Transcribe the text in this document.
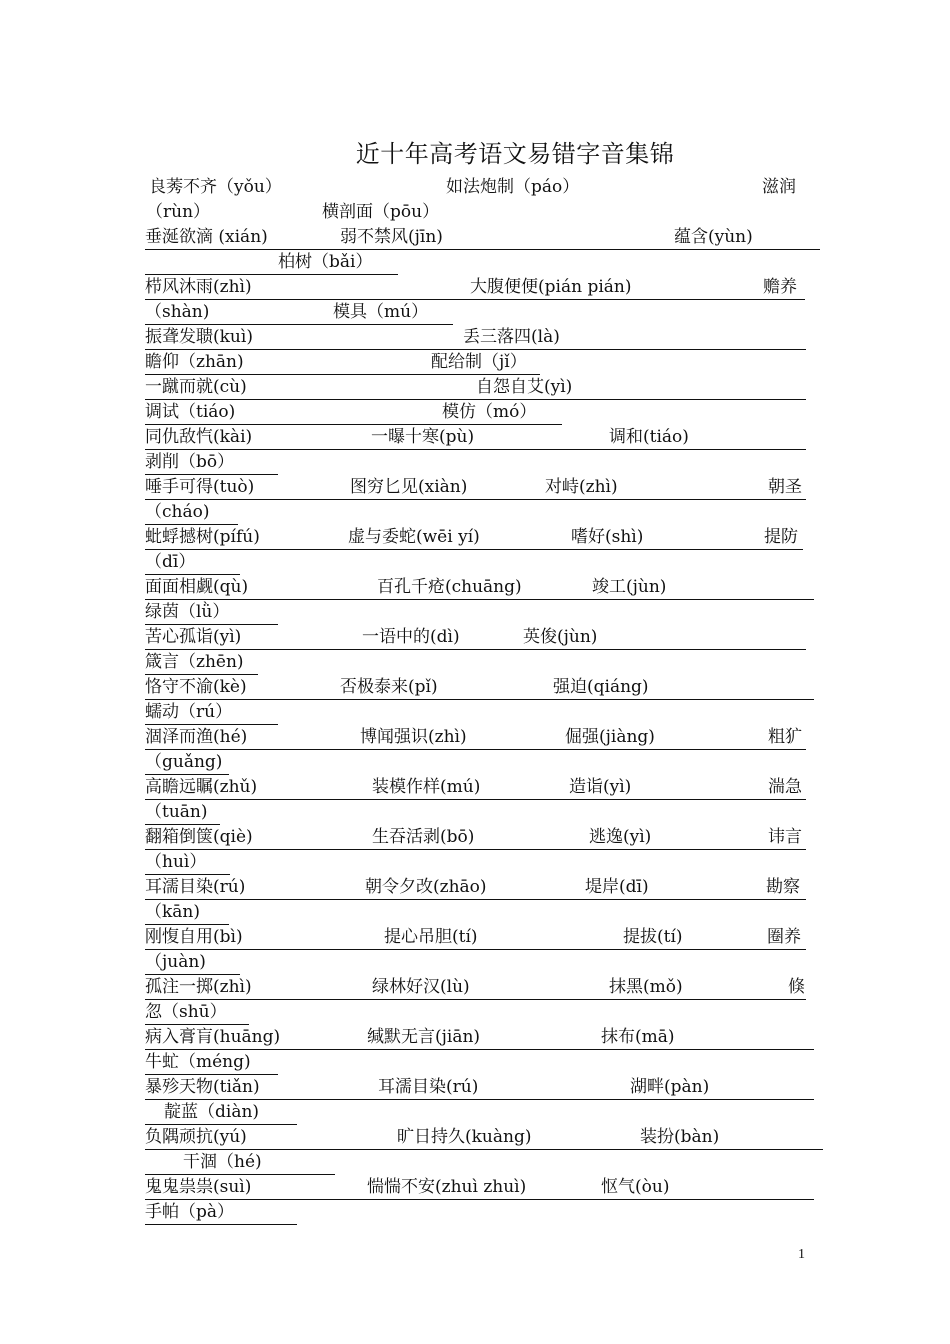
近十年高考语文易错字音集锦
良莠不齐（yǒu）	如法炮制（páo）	滋润
（rùn）	横剖面（pōu）
垂涎欲滴 (xián)	弱不禁风(jīn)	蕴含(yùn)
柏树（bǎi）
栉风沐雨(zhì)	大腹便便(pián pián)	赡养
（shàn)	模具（mú）
振聋发聩(kuì)	丢三落四(là)
瞻仰（zhān)	配给制（jǐ）
一蹴而就(cù)	自怨自艾(yì)
调试（tiáo)	模仿（mó）
同仇敌忾(kài)	一曝十寒(pù)	调和(tiáo)
剥削（bō）
唾手可得(tuò)	图穷匕见(xiàn)	对峙(zhì)	朝圣
（cháo)
蚍蜉撼树(pífú)	虚与委蛇(wēi yí)	嗜好(shì)	提防
（dī）
面面相觑(qù)	百孔千疮(chuāng)	竣工(jùn)
绿茵（lǜ）
苦心孤诣(yì)	一语中的(dì)	英俊(jùn)
箴言（zhēn)
恪守不渝(kè)	否极泰来(pǐ)	强迫(qiáng)
蠕动（rú）
涸泽而渔(hé)	博闻强识(zhì)	倔强(jiàng)	粗犷
（guǎng)
高瞻远瞩(zhǔ)	装模作样(mú)	造诣(yì)	湍急
（tuān)
翻箱倒箧(qiè)	生吞活剥(bō)	逃逸(yì)	讳言
（huì）
耳濡目染(rú)	朝令夕改(zhāo)	堤岸(dī)	勘察
（kān)
刚愎自用(bì)	提心吊胆(tí)	提拔(tí)	圈养
（juàn)
孤注一掷(zhì)	绿林好汉(lù)	抹黑(mǒ)	倏
忽（shū）
病入膏肓(huāng)	缄默无言(jiān)	抹布(mā)
牛虻（méng)
暴殄天物(tiǎn)	耳濡目染(rú)	湖畔(pàn)
靛蓝（diàn)
负隅顽抗(yú)	旷日持久(kuàng)	装扮(bàn)
干涸（hé)
鬼鬼祟祟(suì)	惴惴不安(zhuì zhuì)	怄气(òu)
手帕（pà）
1
